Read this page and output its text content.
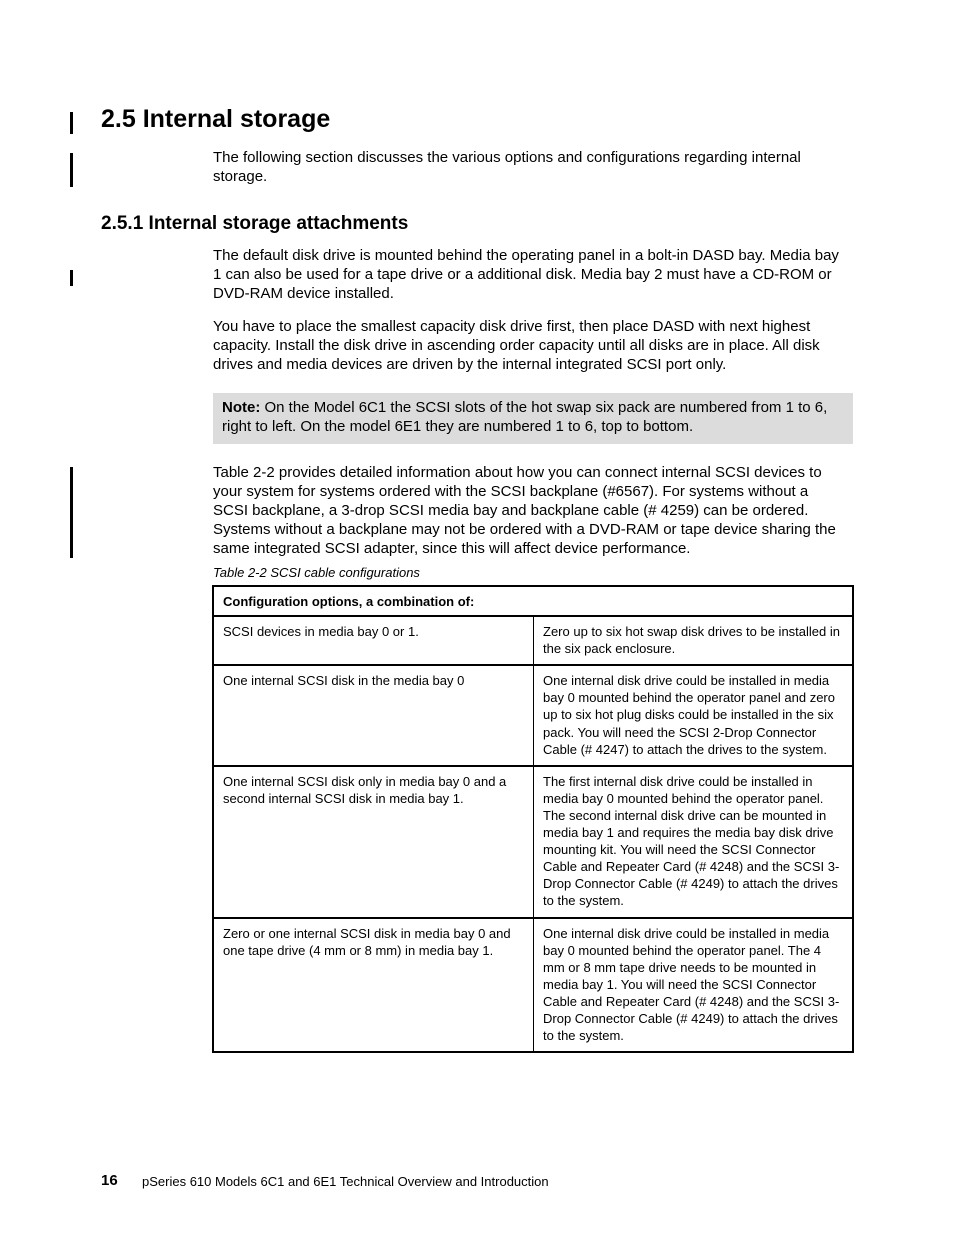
2.5 Internal storage

The following section discusses the various options and configurations regarding internal storage.

2.5.1 Internal storage attachments

The default disk drive is mounted behind the operating panel in a bolt-in DASD bay. Media bay 1 can also be used for a tape drive or a additional disk. Media bay 2 must have a CD-ROM or DVD-RAM device installed.

You have to place the smallest capacity disk drive first, then place DASD with next highest capacity. Install the disk drive in ascending order capacity until all disks are in place. All disk drives and media devices are driven by the internal integrated SCSI port only.

Note: On the Model 6C1 the SCSI slots of the hot swap six pack are numbered from 1 to 6, right to left. On the model 6E1 they are numbered 1 to 6, top to bottom.

Table 2-2 provides detailed information about how you can connect internal SCSI devices to your system for systems ordered with the SCSI backplane (#6567). For systems without a SCSI backplane, a 3-drop SCSI media bay and backplane cable (# 4259) can be ordered. Systems without a backplane may not be ordered with a DVD-RAM or tape device sharing the same integrated SCSI adapter, since this will affect device performance.

Table 2-2 SCSI cable configurations
Configuration options, a combination of:	
SCSI devices in media bay 0 or 1.	Zero up to six hot swap disk drives to be installed in the six pack enclosure.
One internal SCSI disk in the media bay 0	One internal disk drive could be installed in media bay 0 mounted behind the operator panel and zero up to six hot plug disks could be installed in the six pack. You will need the SCSI 2-Drop Connector Cable (# 4247) to attach the drives to the system.
One internal SCSI disk only in media bay 0 and a second internal SCSI disk in media bay 1.	The first internal disk drive could be installed in media bay 0 mounted behind the operator panel. The second internal disk drive can be mounted in media bay 1 and requires the media bay disk drive mounting kit. You will need the SCSI Connector Cable and Repeater Card (# 4248) and the SCSI 3-Drop Connector Cable (# 4249) to attach the drives to the system.
Zero or one internal SCSI disk in media bay 0 and one tape drive (4 mm or 8 mm) in media bay 1.	One internal disk drive could be installed in media bay 0 mounted behind the operator panel. The 4 mm or 8 mm tape drive needs to be mounted in media bay 1. You will need the SCSI Connector Cable and Repeater Card (# 4248) and the SCSI 3-Drop Connector Cable (# 4249) to attach the drives to the system.
16 pSeries 610 Models 6C1 and 6E1 Technical Overview and Introduction
